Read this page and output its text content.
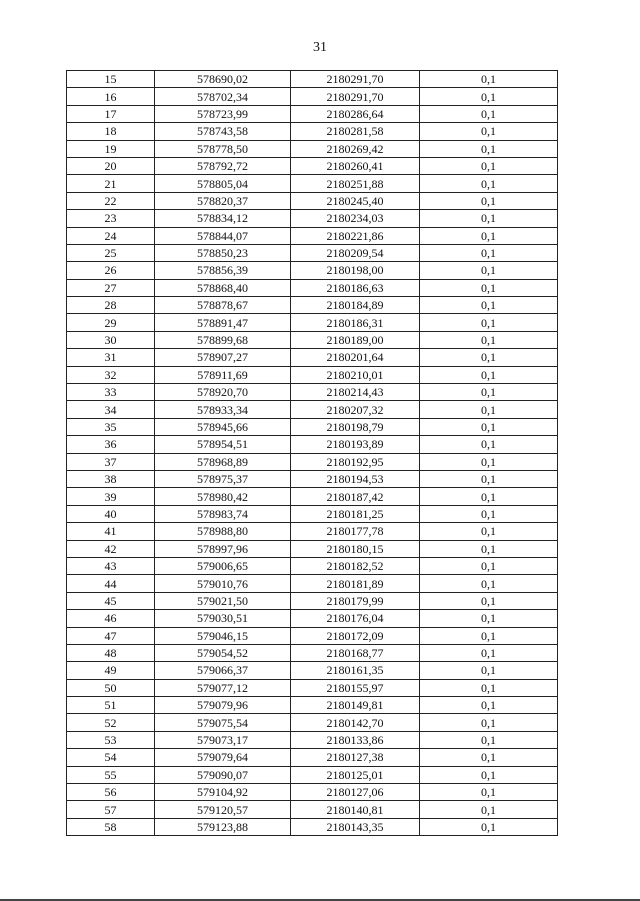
31
15	578690,02	2180291,70	0,1
16	578702,34	2180291,70	0,1
17	578723,99	2180286,64	0,1
18	578743,58	2180281,58	0,1
19	578778,50	2180269,42	0,1
20	578792,72	2180260,41	0,1
21	578805,04	2180251,88	0,1
22	578820,37	2180245,40	0,1
23	578834,12	2180234,03	0,1
24	578844,07	2180221,86	0,1
25	578850,23	2180209,54	0,1
26	578856,39	2180198,00	0,1
27	578868,40	2180186,63	0,1
28	578878,67	2180184,89	0,1
29	578891,47	2180186,31	0,1
30	578899,68	2180189,00	0,1
31	578907,27	2180201,64	0,1
32	578911,69	2180210,01	0,1
33	578920,70	2180214,43	0,1
34	578933,34	2180207,32	0,1
35	578945,66	2180198,79	0,1
36	578954,51	2180193,89	0,1
37	578968,89	2180192,95	0,1
38	578975,37	2180194,53	0,1
39	578980,42	2180187,42	0,1
40	578983,74	2180181,25	0,1
41	578988,80	2180177,78	0,1
42	578997,96	2180180,15	0,1
43	579006,65	2180182,52	0,1
44	579010,76	2180181,89	0,1
45	579021,50	2180179,99	0,1
46	579030,51	2180176,04	0,1
47	579046,15	2180172,09	0,1
48	579054,52	2180168,77	0,1
49	579066,37	2180161,35	0,1
50	579077,12	2180155,97	0,1
51	579079,96	2180149,81	0,1
52	579075,54	2180142,70	0,1
53	579073,17	2180133,86	0,1
54	579079,64	2180127,38	0,1
55	579090,07	2180125,01	0,1
56	579104,92	2180127,06	0,1
57	579120,57	2180140,81	0,1
58	579123,88	2180143,35	0,1
